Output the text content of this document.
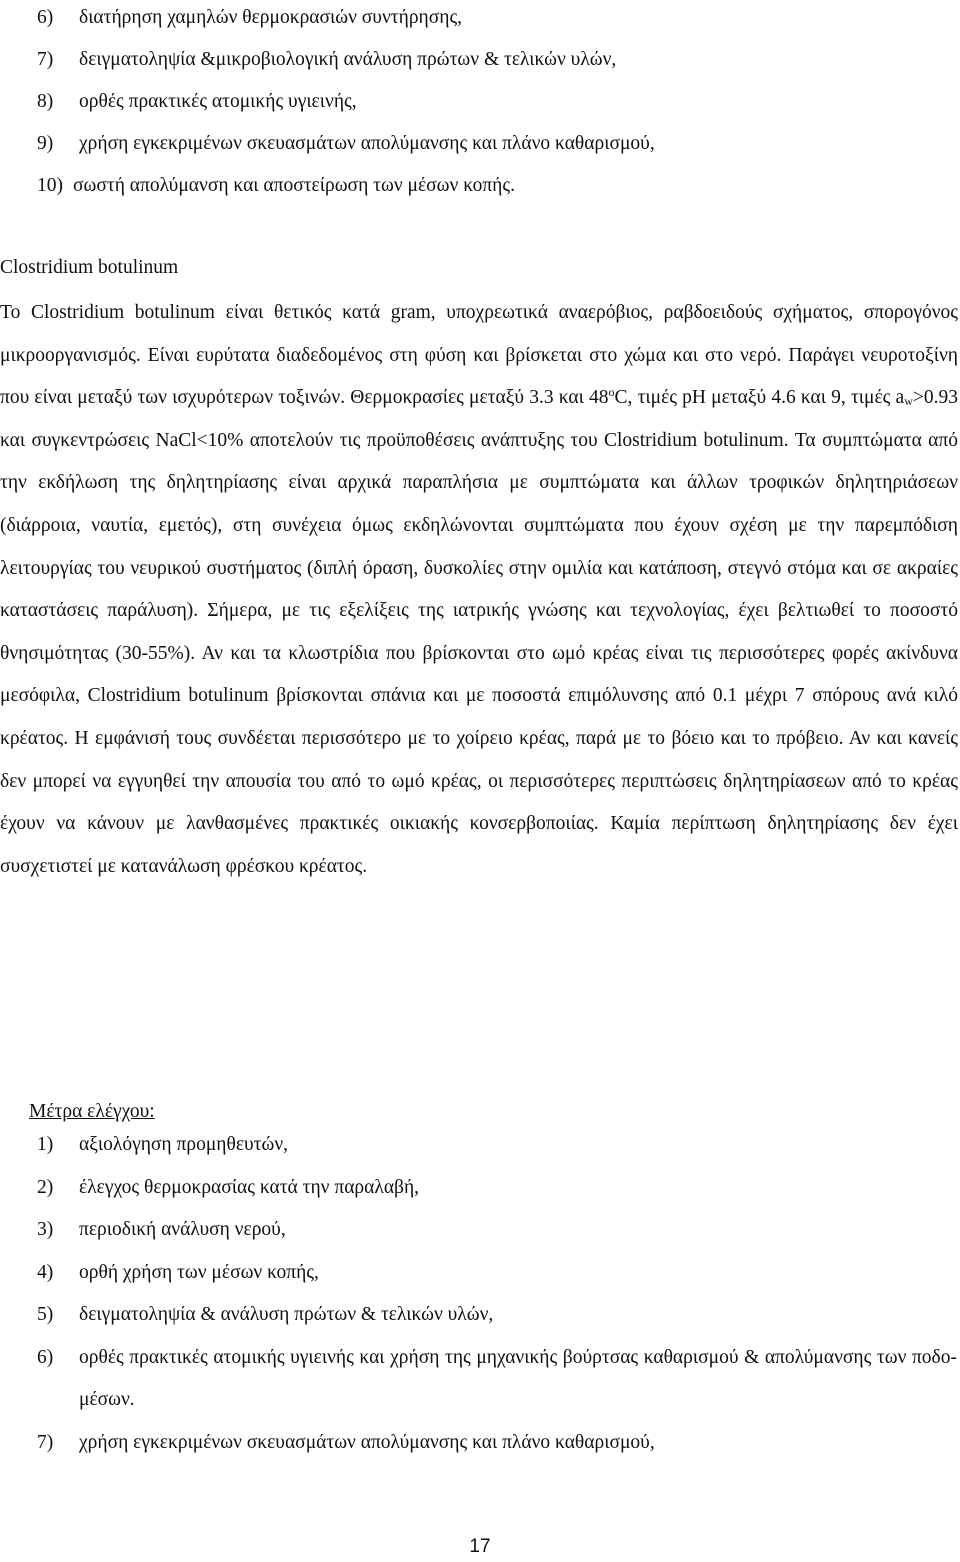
6)	διατήρηση χαμηλών θερμοκρασιών συντήρησης,
7)	δειγματοληψία &μικροβιολογική ανάλυση πρώτων & τελικών υλών,
8)	ορθές πρακτικές ατομικής υγιεινής,
9)	χρήση εγκεκριμένων σκευασμάτων απολύμανσης και πλάνο καθαρισμού,
10) σωστή απολύμανση και αποστείρωση των μέσων κοπής.
Clostridium botulinum

Το Clostridium botulinum είναι θετικός κατά gram, υποχρεωτικά αναερόβιος, ραβδοειδούς σχήματος, σπορογόνος μικροοργανισμός. Είναι ευρύτατα διαδεδομένος στη φύση και βρίσκεται στο χώμα και στο νερό. Παράγει νευροτοξίνη που είναι μεταξύ των ισχυρότερων τοξινών. Θερμοκρασίες μεταξύ 3.3 και 48$^o$C, τιμές pH μεταξύ 4.6 και 9, τιμές $a_w>0.93$ και συγκεντρώσεις NaCl<10% αποτελούν τις προϋποθέσεις ανάπτυξης του Clostridium botulinum. Τα συμπτώματα από την εκδήλωση της δηλητηρίασης είναι αρχικά παραπλήσια με συμπτώματα και άλλων τροφικών δηλητηριάσεων (διάρροια, ναυτία, εμετός), στη συνέχεια όμως εκδηλώνονται συμπτώματα που έχουν σχέση με την παρεμπόδιση λειτουργίας του νευρικού συστήματος (διπλή όραση, δυσκολίες στην ομιλία και κατάποση, στεγνό στόμα και σε ακραίες καταστάσεις παράλυση). Σήμερα, με τις εξελίξεις της ιατρικής γνώσης και τεχνολογίας, έχει βελτιωθεί το ποσοστό θνησιμότητας (30-55%). Αν και τα κλωστρίδια που βρίσκονται στο ωμό κρέας είναι τις περισσότερες φορές ακίνδυνα μεσόφιλα, Clostridium botulinum βρίσκονται σπάνια και με ποσοστά επιμόλυνσης από 0.1 μέχρι 7 σπόρους ανά κιλό κρέατος. Η εμφάνισή τους συνδέεται περισσότερο με το χοίρειο κρέας, παρά με το βόειο και το πρόβειο. Αν και κανείς δεν μπορεί να εγγυηθεί την απουσία του από το ωμό κρέας, οι περισσότερες περιπτώσεις δηλητηρίασεων από το κρέας έχουν να κάνουν με λανθασμένες πρακτικές οικιακής κονσερβοποιίας. Καμία περίπτωση δηλητηρίασης δεν έχει συσχετιστεί με κατανάλωση φρέσκου κρέατος.

Μέτρα ελέγχου:
1)	αξιολόγηση προμηθευτών,
2)	έλεγχος θερμοκρασίας κατά την παραλαβή,
3)	περιοδική ανάλυση νερού,
4)	ορθή χρήση των μέσων κοπής,
5)	δειγματοληψία & ανάλυση πρώτων & τελικών υλών,
6)	ορθές πρακτικές ατομικής υγιεινής και χρήση της μηχανικής βούρτσας καθαρισμού & απολύμανσης των ποδο-μέσων.
7)	χρήση εγκεκριμένων σκευασμάτων απολύμανσης και πλάνο καθαρισμού,
17
